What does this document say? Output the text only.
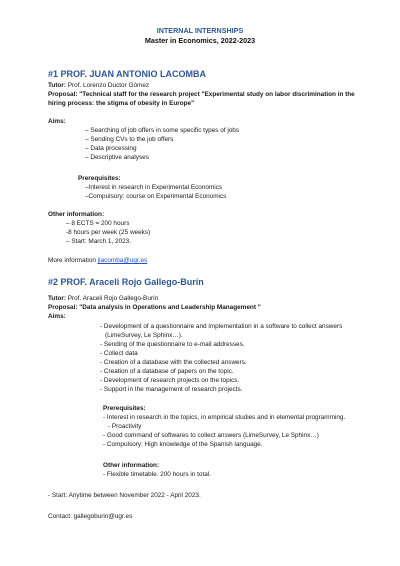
INTERNAL INTERNSHIPS
Master in Economics, 2022-2023
#1 PROF. JUAN ANTONIO LACOMBA
Tutor: Prof. Lorenzo Ductor Gómez
Proposal: "Technical staff for the research project "Experimental study on labor discrimination in the
hiring process: the stigma of obesity in Europe"
Aims:
– Searching of job offers in some specific types of jobs
– Sending CVs to the job offers
– Data processing
– Descriptive analyses
Prerequisites:
–Interest in research in Experimental Economics
–Compulsory: course on Experimental Economics
Other information:
– 8 ECTS = 200 hours
-8 hours per week (25 weeks)
– Start: March 1, 2023.
More information jlacomba@ugr.es
#2 PROF. Araceli Rojo Gallego-Burín
Tutor: Prof. Araceli Rojo Gallego-Burín
Proposal: "Data analysis in Operations and Leadership Management "
Aims:
- Development of a questionnaire and implementation in a software to collect answers
(LimeSurvey, Le Sphinx…).
- Sending of the questionnaire to e-mail addresses.
- Collect data
- Creation of a database with the collected answers.
- Creation of a database of papers on the topic.
- Development of research projects on the topics.
- Support in the management of research projects.
Prerequisites:
- Interest in research in the topics, in empirical studies and in elemental programming.
- Proactivity
- Good command of softwares to collect answers (LimeSurvey, Le Sphinx…)
- Compulsory: High knowledge of the Spanish language.
Other information:
- Flexible timetable. 200 hours in total.
- Start: Anytime between November 2022 - April 2023.
Contact: gallegoburin@ugr.es
